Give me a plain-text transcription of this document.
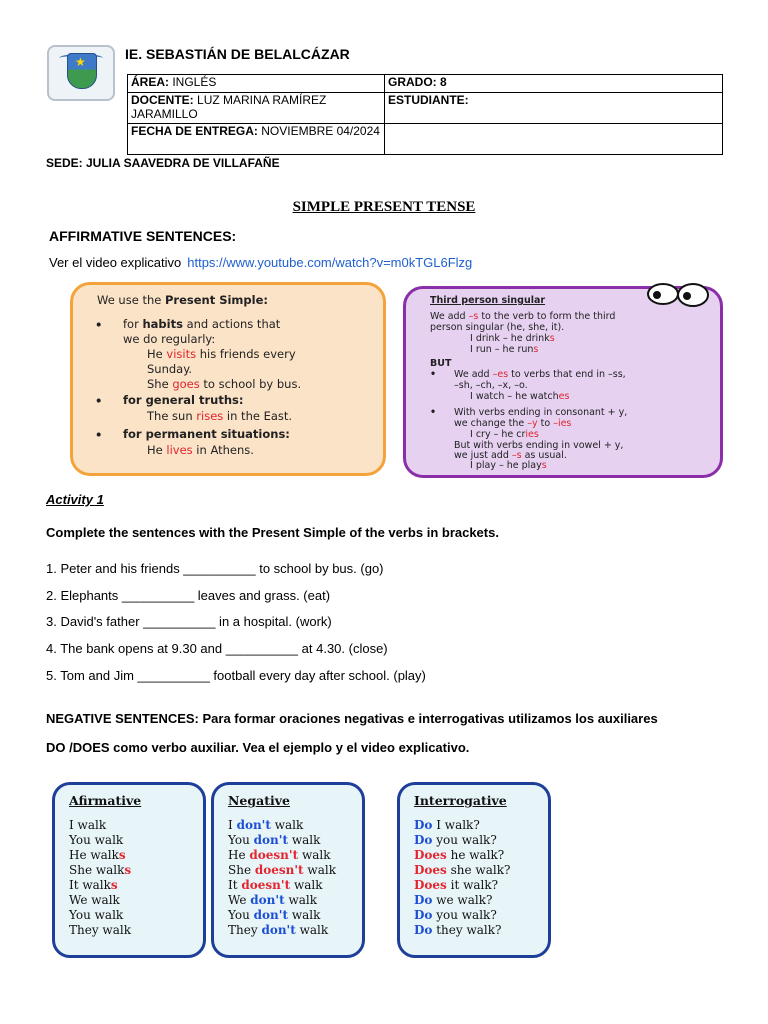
★	IE. SEBASTIÁN DE BELALCÁZAR
ÁREA: INGLÉS	GRADO: 8
DOCENTE: LUZ MARINA RAMÍREZ JARAMILLO	ESTUDIANTE:
FECHA DE ENTREGA: NOVIEMBRE 04/2024	
SEDE: JULIA SAAVEDRA DE VILLAFAÑE
SIMPLE PRESENT TENSE
AFFIRMATIVE SENTENCES:
Ver el video explicativo https://www.youtube.com/watch?v=m0kTGL6Flzg
We use the Present Simple:
• for habits and actions that
we do regularly:
He visits his friends every
Sunday.
She goes to school by bus.
• for general truths:
The sun rises in the East.
• for permanent situations:
He lives in Athens.
Third person singular
We add –s to the verb to form the third
person singular (he, she, it).
I drink – he drinks
I run – he runs
BUT
• We add –es to verbs that end in –ss,
–sh, –ch, –x, –o.
I watch – he watches
• With verbs ending in consonant + y,
we change the –y to –ies
I cry – he cries
But with verbs ending in vowel + y,
we just add –s as usual.
I play – he plays
Activity 1
Complete the sentences with the Present Simple of the verbs in brackets.
1. Peter and his friends __________ to school by bus. (go)
2. Elephants __________ leaves and grass. (eat)
3. David's father __________ in a hospital. (work)
4. The bank opens at 9.30 and __________ at 4.30. (close)
5. Tom and Jim __________ football every day after school. (play)
NEGATIVE SENTENCES: Para formar oraciones negativas e interrogativas utilizamos los auxiliares
DO /DOES como verbo auxiliar. Vea el ejemplo y el video explicativo.
Afirmative
I walk
You walk
He walks
She walks
It walks
We walk
You walk
They walk
Negative
I don't walk
You don't walk
He doesn't walk
She doesn't walk
It doesn't walk
We don't walk
You don't walk
They don't walk
Interrogative
Do I walk?
Do you walk?
Does he walk?
Does she walk?
Does it walk?
Do we walk?
Do you walk?
Do they walk?
